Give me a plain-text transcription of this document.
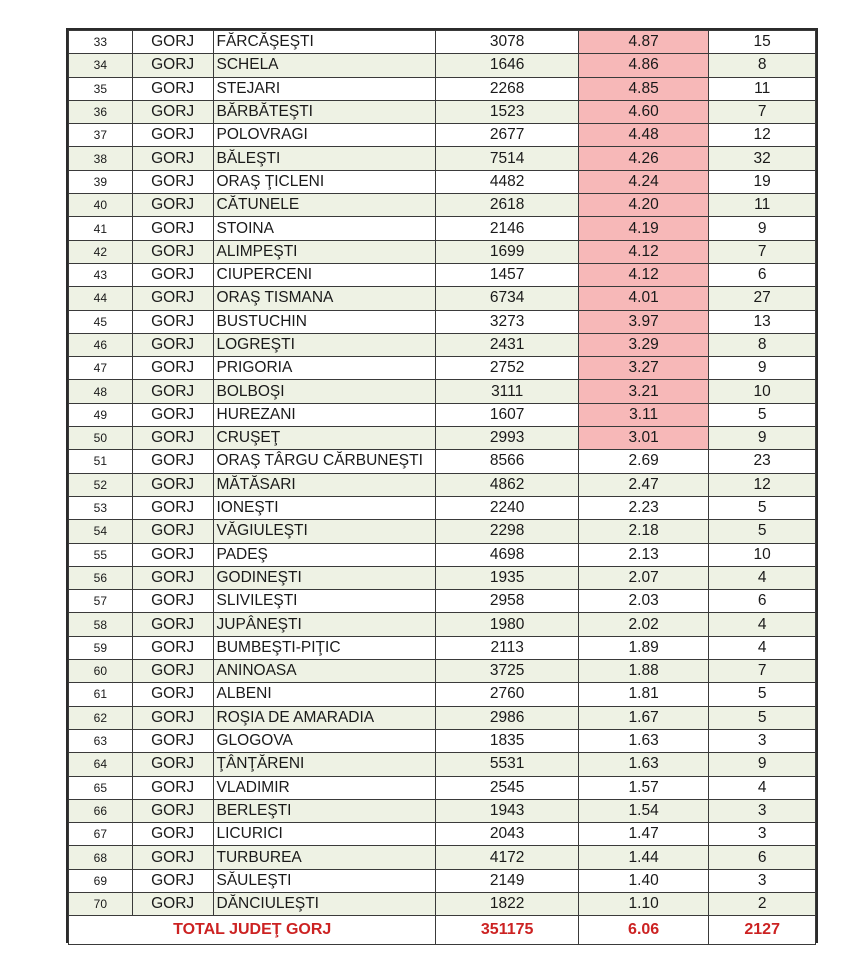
33	GORJ	FĂRCĂŞEŞTI	3078	4.87	15
34	GORJ	SCHELA	1646	4.86	8
35	GORJ	STEJARI	2268	4.85	11
36	GORJ	BĂRBĂTEŞTI	1523	4.60	7
37	GORJ	POLOVRAGI	2677	4.48	12
38	GORJ	BĂLEŞTI	7514	4.26	32
39	GORJ	ORAŞ ŢICLENI	4482	4.24	19
40	GORJ	CĂTUNELE	2618	4.20	11
41	GORJ	STOINA	2146	4.19	9
42	GORJ	ALIMPEŞTI	1699	4.12	7
43	GORJ	CIUPERCENI	1457	4.12	6
44	GORJ	ORAŞ TISMANA	6734	4.01	27
45	GORJ	BUSTUCHIN	3273	3.97	13
46	GORJ	LOGREŞTI	2431	3.29	8
47	GORJ	PRIGORIA	2752	3.27	9
48	GORJ	BOLBOŞI	3111	3.21	10
49	GORJ	HUREZANI	1607	3.11	5
50	GORJ	CRUŞEŢ	2993	3.01	9
51	GORJ	ORAŞ TÂRGU CĂRBUNEŞTI	8566	2.69	23
52	GORJ	MĂTĂSARI	4862	2.47	12
53	GORJ	IONEŞTI	2240	2.23	5
54	GORJ	VĂGIULEŞTI	2298	2.18	5
55	GORJ	PADEŞ	4698	2.13	10
56	GORJ	GODINEŞTI	1935	2.07	4
57	GORJ	SLIVILEŞTI	2958	2.03	6
58	GORJ	JUPÂNEŞTI	1980	2.02	4
59	GORJ	BUMBEŞTI-PIŢIC	2113	1.89	4
60	GORJ	ANINOASA	3725	1.88	7
61	GORJ	ALBENI	2760	1.81	5
62	GORJ	ROŞIA DE AMARADIA	2986	1.67	5
63	GORJ	GLOGOVA	1835	1.63	3
64	GORJ	ŢÂNŢĂRENI	5531	1.63	9
65	GORJ	VLADIMIR	2545	1.57	4
66	GORJ	BERLEŞTI	1943	1.54	3
67	GORJ	LICURICI	2043	1.47	3
68	GORJ	TURBUREA	4172	1.44	6
69	GORJ	SĂULEŞTI	2149	1.40	3
70	GORJ	DĂNCIULEŞTI	1822	1.10	2
TOTAL JUDEŢ GORJ			351175	6.06	2127
